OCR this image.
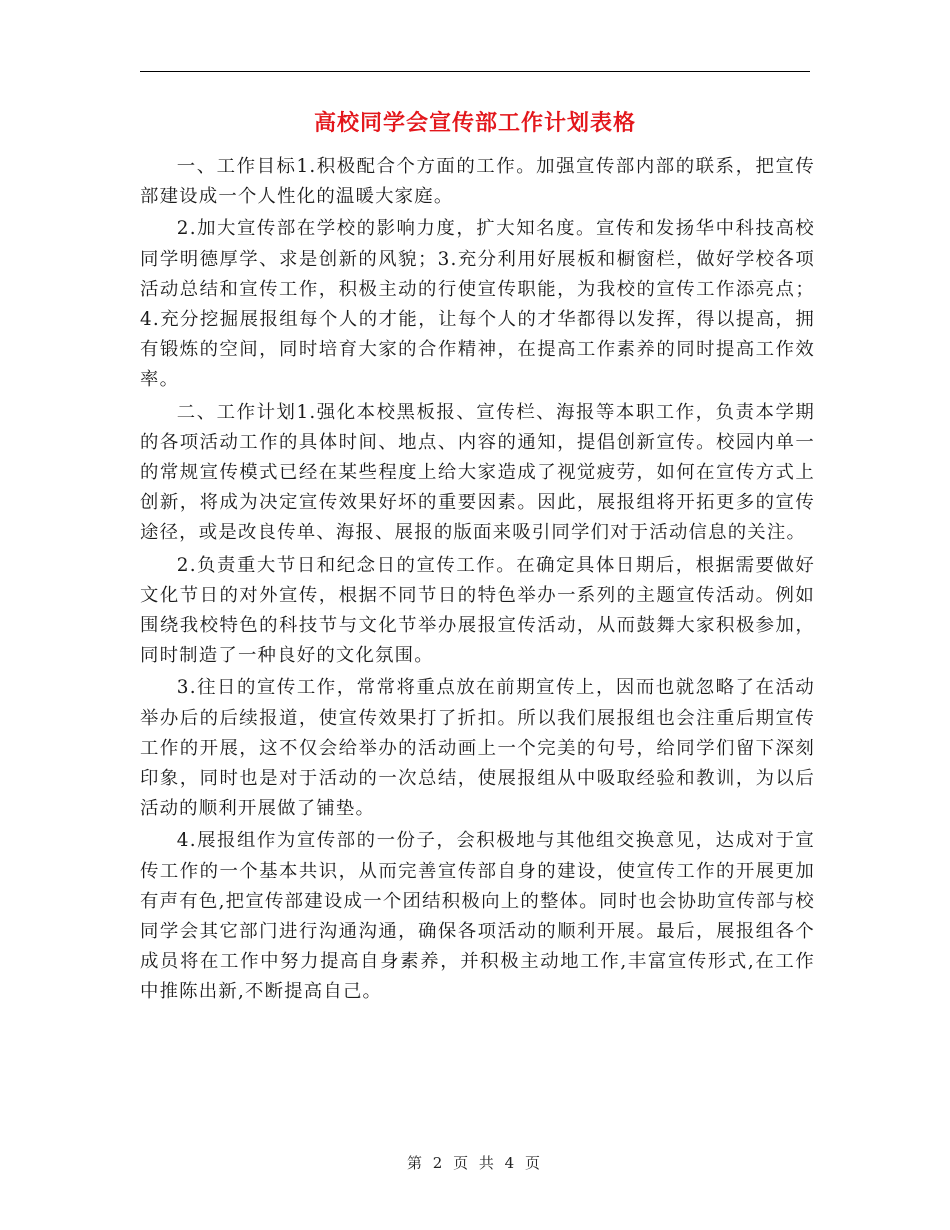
高校同学会宣传部工作计划表格

一、工作目标1.积极配合个方面的工作。加强宣传部内部的联系，把宣传部建设成一个人性化的温暖大家庭。

2.加大宣传部在学校的影响力度，扩大知名度。宣传和发扬华中科技高校同学明德厚学、求是创新的风貌；3.充分利用好展板和橱窗栏，做好学校各项活动总结和宣传工作，积极主动的行使宣传职能，为我校的宣传工作添亮点；4.充分挖掘展报组每个人的才能，让每个人的才华都得以发挥，得以提高，拥有锻炼的空间，同时培育大家的合作精神，在提高工作素养的同时提高工作效率。

二、工作计划1.强化本校黑板报、宣传栏、海报等本职工作，负责本学期的各项活动工作的具体时间、地点、内容的通知，提倡创新宣传。校园内单一的常规宣传模式已经在某些程度上给大家造成了视觉疲劳，如何在宣传方式上创新，将成为决定宣传效果好坏的重要因素。因此，展报组将开拓更多的宣传途径，或是改良传单、海报、展报的版面来吸引同学们对于活动信息的关注。

2.负责重大节日和纪念日的宣传工作。在确定具体日期后，根据需要做好文化节日的对外宣传，根据不同节日的特色举办一系列的主题宣传活动。例如围绕我校特色的科技节与文化节举办展报宣传活动，从而鼓舞大家积极参加，同时制造了一种良好的文化氛围。

3.往日的宣传工作，常常将重点放在前期宣传上，因而也就忽略了在活动举办后的后续报道，使宣传效果打了折扣。所以我们展报组也会注重后期宣传工作的开展，这不仅会给举办的活动画上一个完美的句号，给同学们留下深刻印象，同时也是对于活动的一次总结，使展报组从中吸取经验和教训，为以后活动的顺利开展做了铺垫。

4.展报组作为宣传部的一份子，会积极地与其他组交换意见，达成对于宣传工作的一个基本共识，从而完善宣传部自身的建设，使宣传工作的开展更加有声有色,把宣传部建设成一个团结积极向上的整体。同时也会协助宣传部与校同学会其它部门进行沟通沟通，确保各项活动的顺利开展。最后，展报组各个成员将在工作中努力提高自身素养，并积极主动地工作,丰富宣传形式,在工作中推陈出新,不断提高自己。

第 2 页 共 4 页
